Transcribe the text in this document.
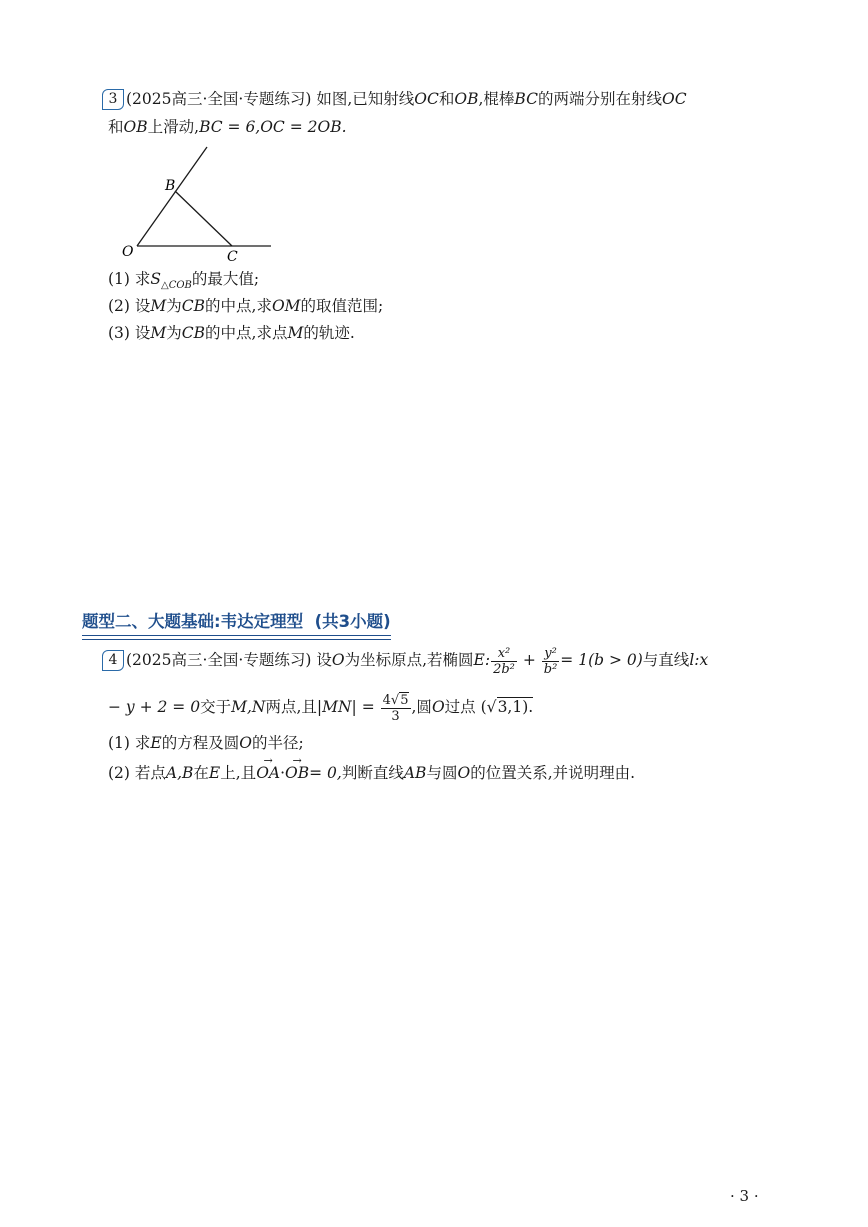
3 (2025高三·全国·专题练习) 如图,已知射线OC和OB,棍棒BC的两端分别在射线OC
和OB上滑动,BC = 6,OC = 2OB.
B
O	C
(1) 求$S_{\triangle COB}$的最大值;
(2) 设M为CB的中点,求OM的取值范围;
(3) 设M为CB的中点,求点M的轨迹.
题型二、大题基础:韦达定理型  (共3小题)
4 (2025高三·全国·专题练习) 设O为坐标原点,若椭圆E: $\frac{\text{x²}}{\text{2b²}} + \frac{\text{y²}}{\text{b²}} = 1(b > 0)$与直线l:x
− y + 2 = 0交于M,N两点,且$|MN| = \frac{4√5}{3}$ ,圆O过点 (√3,1).
(1) 求E的方程及圆O的半径;
(2) 若点A,B在E上,且→ OA·→ OB= 0,判断直线AB与圆O的位置关系,并说明理由.
· 3 ·
